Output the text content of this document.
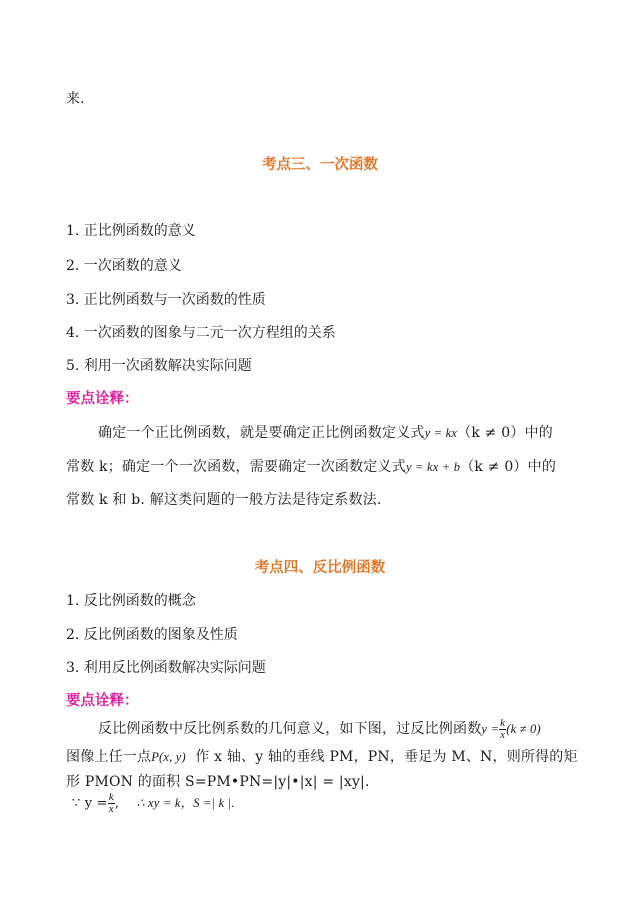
来.
考点三、一次函数
1. 正比例函数的意义
2. 一次函数的意义
3. 正比例函数与一次函数的性质
4. 一次函数的图象与二元一次方程组的关系
5. 利用一次函数解决实际问题
要点诠释：
确定一个正比例函数，就是要确定正比例函数定义式y = kx（k ≠ 0）中的
常数 k；确定一个一次函数，需要确定一次函数定义式y = kx + b（k ≠ 0）中的
常数 k 和 b. 解这类问题的一般方法是待定系数法.
考点四、反比例函数
1. 反比例函数的概念
2. 反比例函数的图象及性质
3. 利用反比例函数解决实际问题
要点诠释：
反比例函数中反比例系数的几何意义，如下图，过反比例函数$y = \frac{k}{x} (k \ne 0)$
图像上任一点P(x, y) 作 x 轴、y 轴的垂线 PM，PN，垂足为 M、N，则所得的矩
形 PMON 的面积 S=PM•PN=|y|•|x| = |xy|.
∵ $y = \frac{k}{x}$ , ∴ xy = k，S =| k |.
